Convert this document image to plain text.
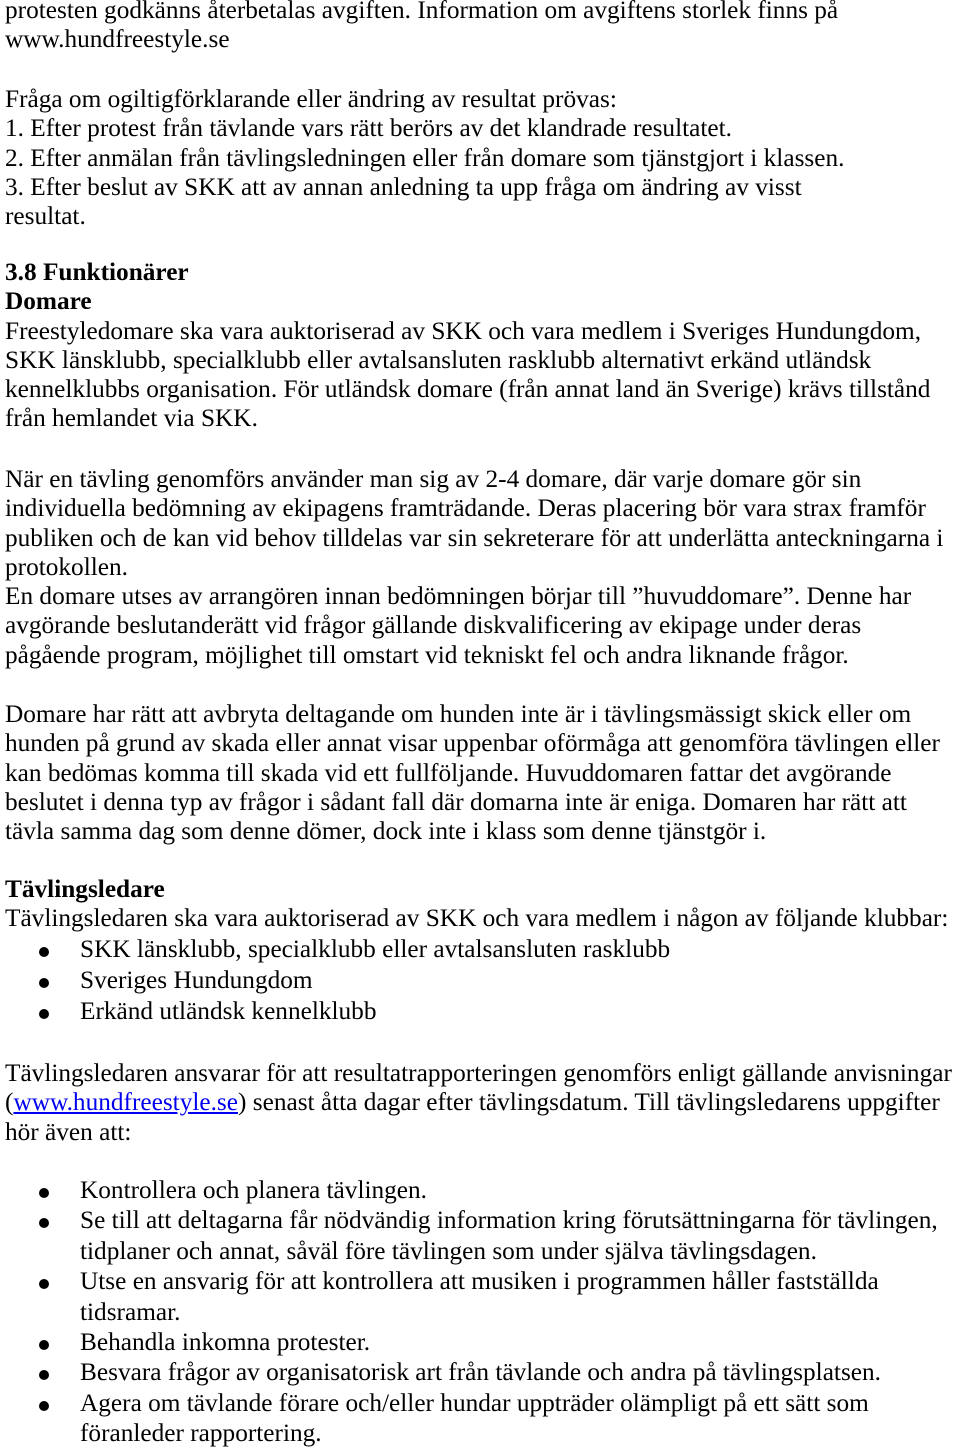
protesten godkänns återbetalas avgiften. Information om avgiftens storlek finns på
www.hundfreestyle.se
Fråga om ogiltigförklarande eller ändring av resultat prövas:
1. Efter protest från tävlande vars rätt berörs av det klandrade resultatet.
2. Efter anmälan från tävlingsledningen eller från domare som tjänstgjort i klassen.
3. Efter beslut av SKK att av annan anledning ta upp fråga om ändring av visst
resultat.
3.8 Funktionärer
Domare
Freestyledomare ska vara auktoriserad av SKK och vara medlem i Sveriges Hundungdom,
SKK länsklubb, specialklubb eller avtalsansluten rasklubb alternativt erkänd utländsk
kennelklubbs organisation. För utländsk domare (från annat land än Sverige) krävs tillstånd
från hemlandet via SKK.
När en tävling genomförs använder man sig av 2-4 domare, där varje domare gör sin
individuella bedömning av ekipagens framträdande. Deras placering bör vara strax framför
publiken och de kan vid behov tilldelas var sin sekreterare för att underlätta anteckningarna i
protokollen.
En domare utses av arrangören innan bedömningen börjar till ”huvuddomare”. Denne har
avgörande beslutanderätt vid frågor gällande diskvalificering av ekipage under deras
pågående program, möjlighet till omstart vid tekniskt fel och andra liknande frågor.
Domare har rätt att avbryta deltagande om hunden inte är i tävlingsmässigt skick eller om
hunden på grund av skada eller annat visar uppenbar oförmåga att genomföra tävlingen eller
kan bedömas komma till skada vid ett fullföljande. Huvuddomaren fattar det avgörande
beslutet i denna typ av frågor i sådant fall där domarna inte är eniga. Domaren har rätt att
tävla samma dag som denne dömer, dock inte i klass som denne tjänstgör i.
Tävlingsledare
Tävlingsledaren ska vara auktoriserad av SKK och vara medlem i någon av följande klubbar:
SKK länsklubb, specialklubb eller avtalsansluten rasklubb
Sveriges Hundungdom
Erkänd utländsk kennelklubb
Tävlingsledaren ansvarar för att resultatrapporteringen genomförs enligt gällande anvisningar
(www.hundfreestyle.se) senast åtta dagar efter tävlingsdatum. Till tävlingsledarens uppgifter
hör även att:
Kontrollera och planera tävlingen.
Se till att deltagarna får nödvändig information kring förutsättningarna för tävlingen,
tidplaner och annat, såväl före tävlingen som under själva tävlingsdagen.
Utse en ansvarig för att kontrollera att musiken i programmen håller fastställda
tidsramar.
Behandla inkomna protester.
Besvara frågor av organisatorisk art från tävlande och andra på tävlingsplatsen.
Agera om tävlande förare och/eller hundar uppträder olämpligt på ett sätt som
föranleder rapportering.
